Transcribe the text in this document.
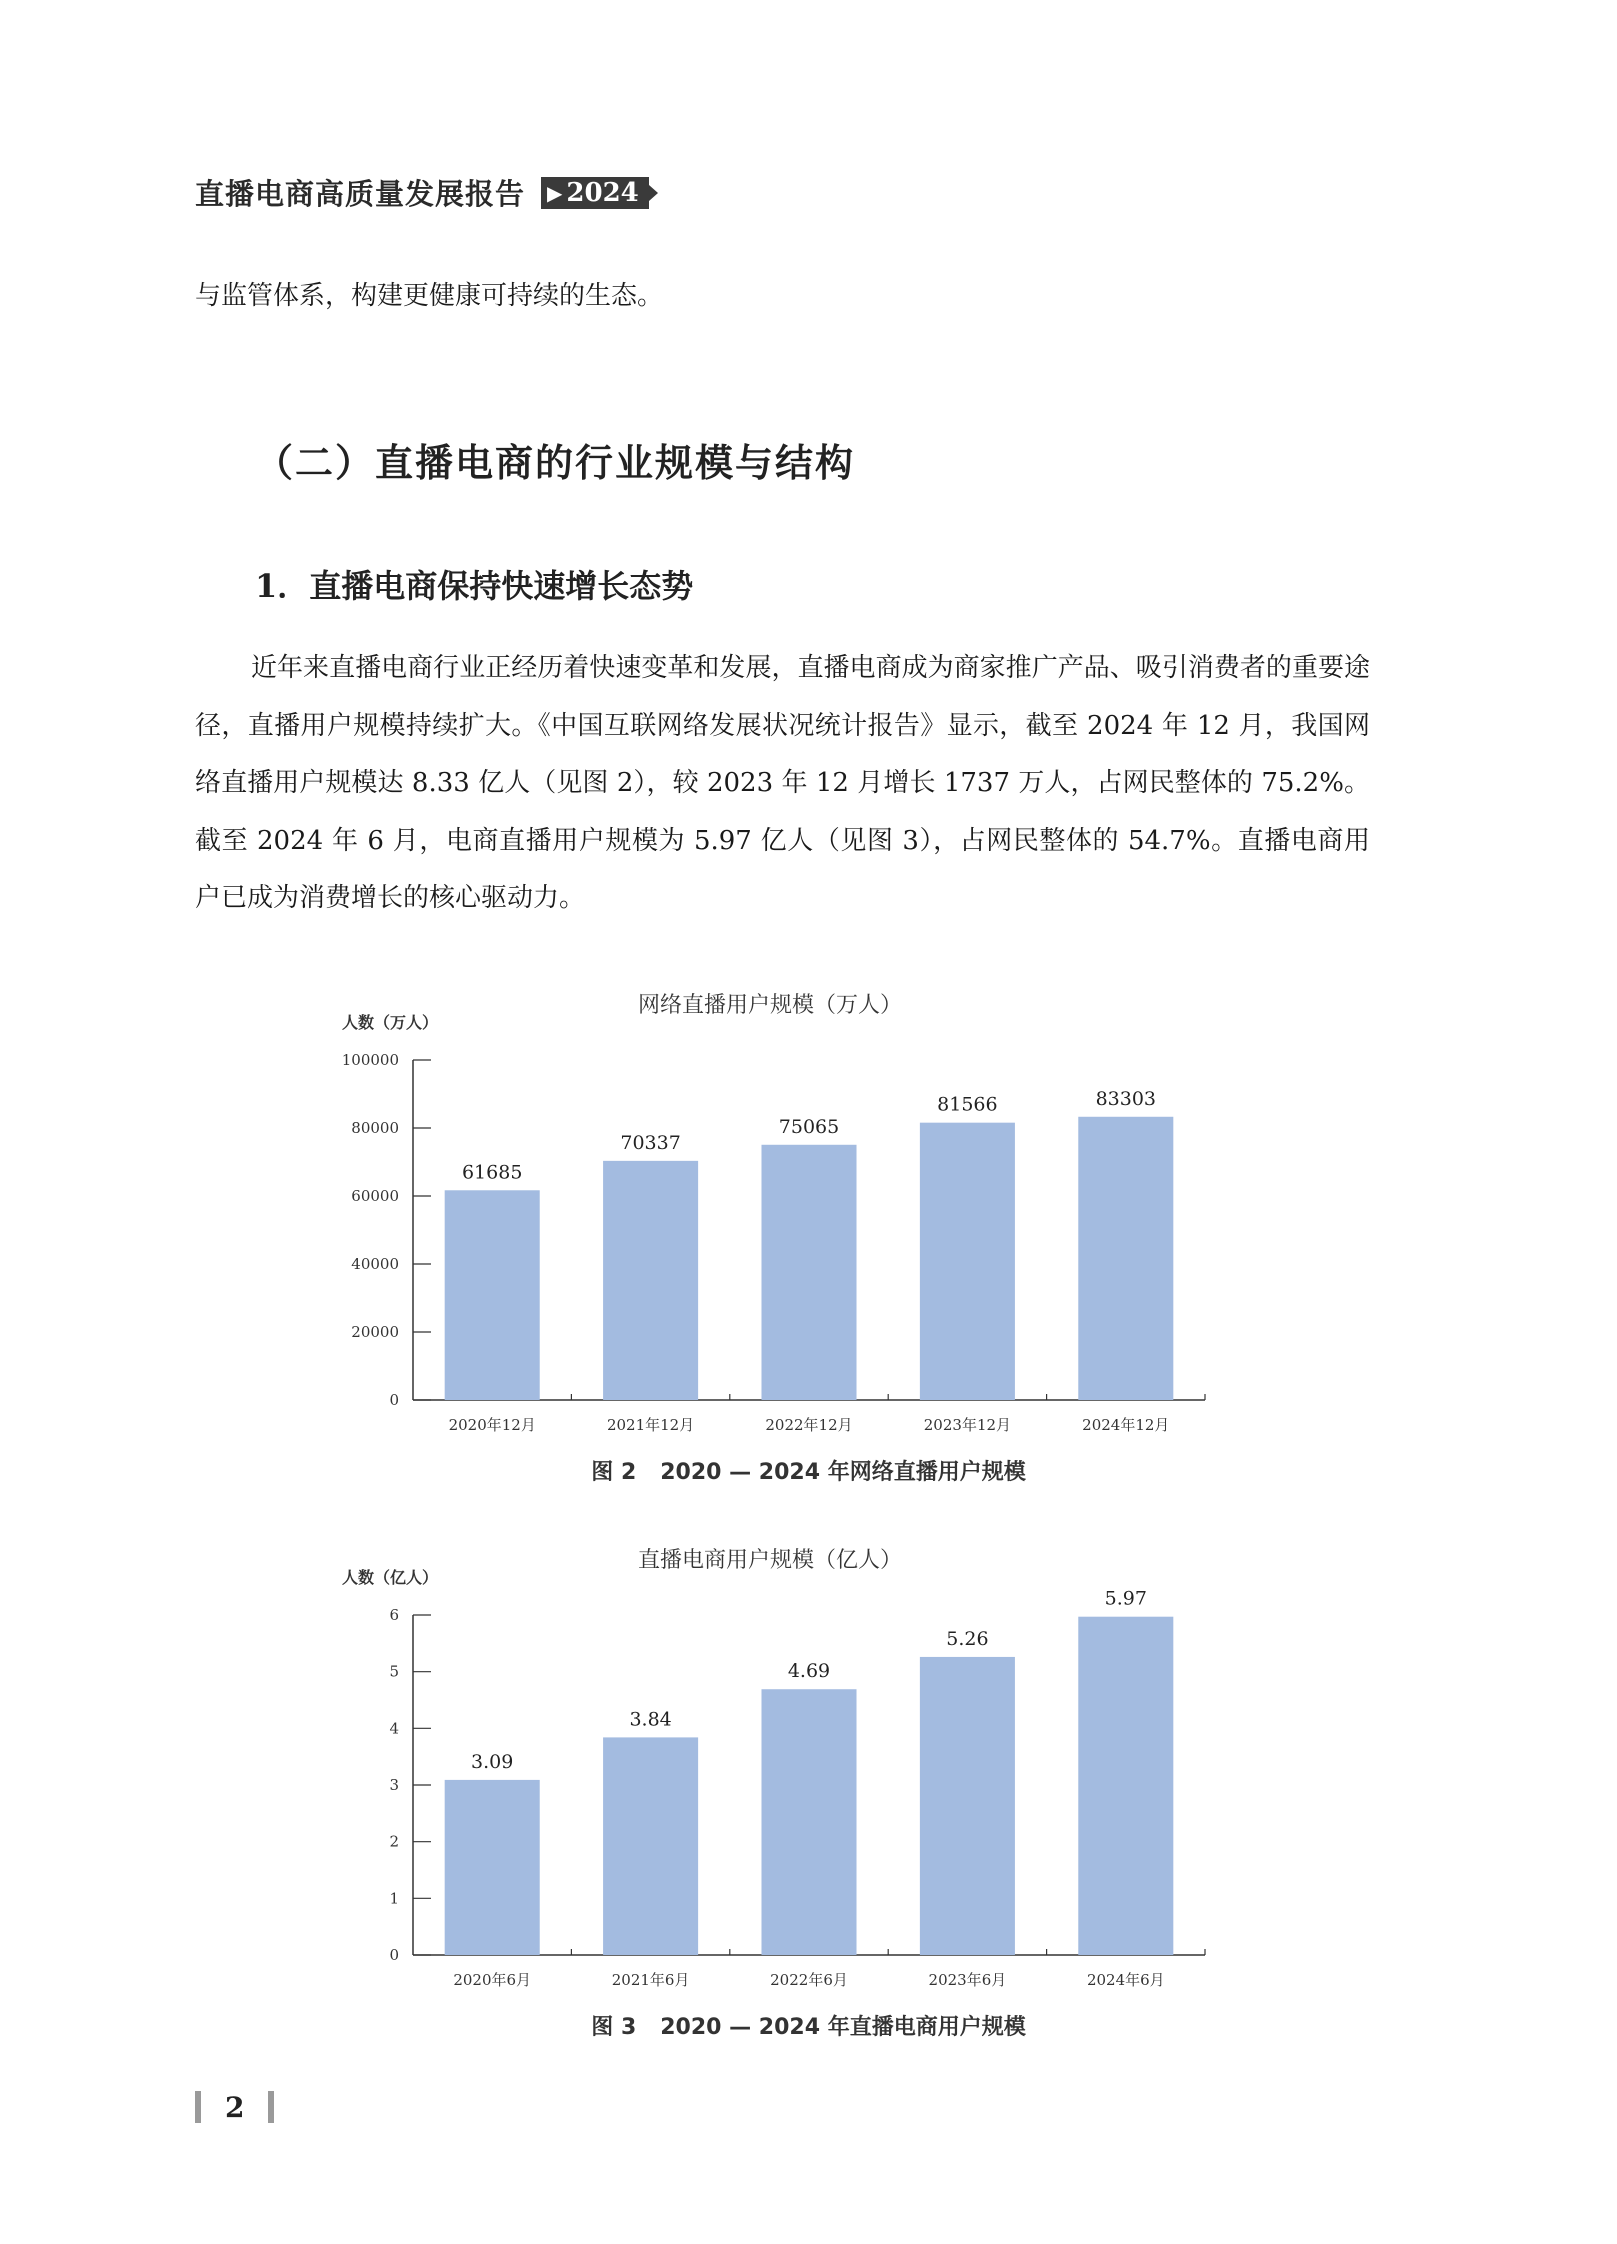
直播电商高质量发展报告 ▶ 2024

与监管体系，构建更健康可持续的生态。

（二）直播电商的行业规模与结构
1．直播电商保持快速增长态势

近年来直播电商行业正经历着快速变革和发展，直播电商成为商家推广产品、吸引消费者的重要途径，直播用户规模持续扩大。《中国互联网络发展状况统计报告》显示，截至 2024 年 12 月，我国网络直播用户规模达 8.33 亿人（见图 2），较 2023 年 12 月增长 1737 万人，占网民整体的 75.2%。截至 2024 年 6 月，电商直播用户规模为 5.97 亿人（见图 3），占网民整体的 54.7%。直播电商用户已成为消费增长的核心驱动力。

网络直播用户规模（万人）
人数（万人）
0
20000
40000
60000
80000
100000
61685
2020年12月
70337
2021年12月
75065
2022年12月
81566
2023年12月
83303
2024年12月
图 2 2020 — 2024 年网络直播用户规模
直播电商用户规模（亿人）
人数（亿人）
0
1
2
3
4
5
6
3.09
2020年6月
3.84
2021年6月
4.69
2022年6月
5.26
2023年6月
5.97
2024年6月
图 3 2020 — 2024 年直播电商用户规模
2
